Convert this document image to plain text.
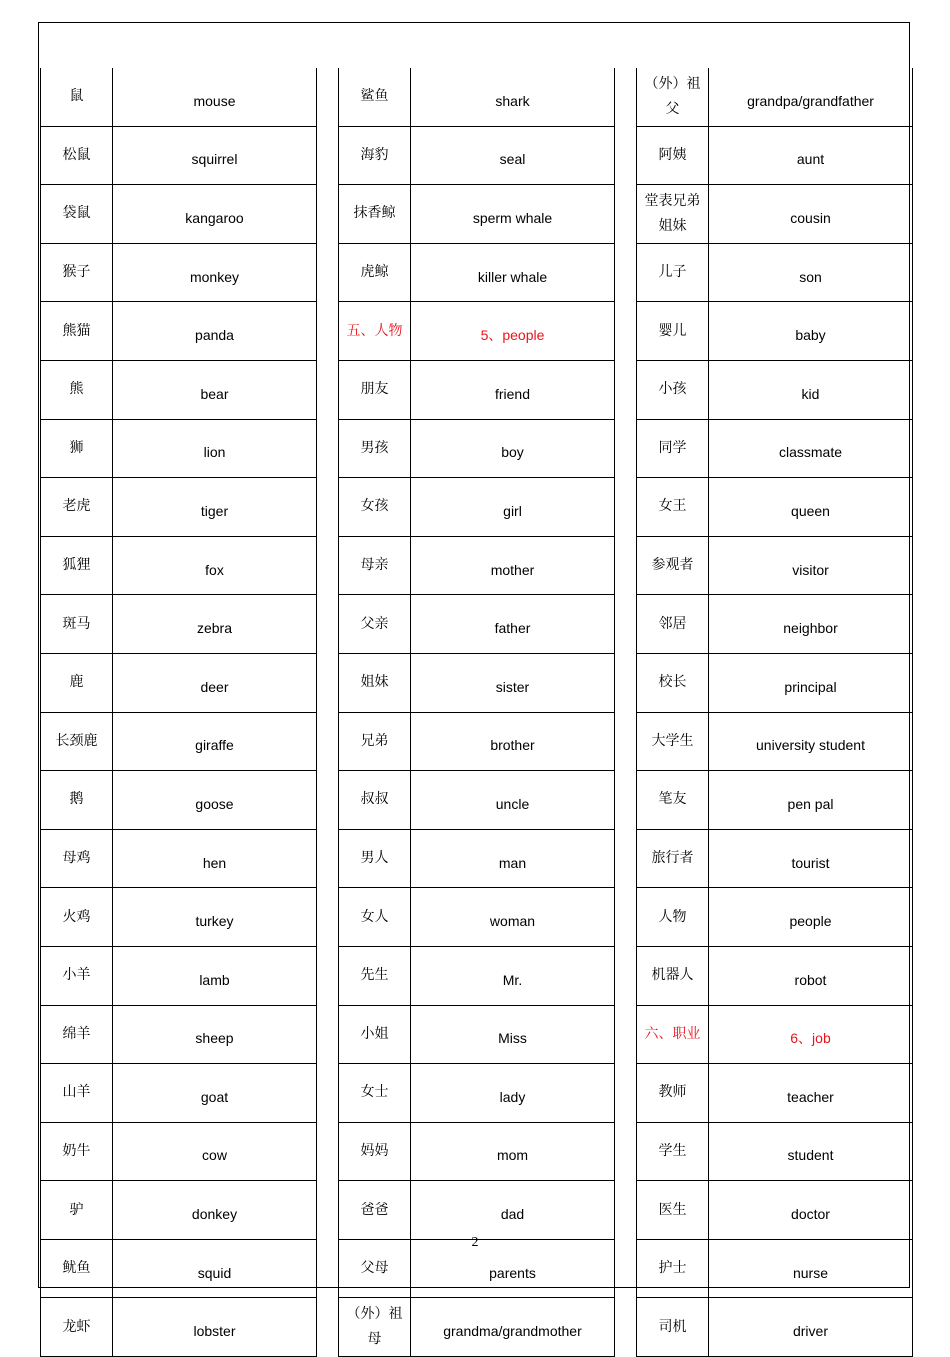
鼠	mouse
松鼠	squirrel
袋鼠	kangaroo
猴子	monkey
熊猫	panda
熊	bear
狮	lion
老虎	tiger
狐狸	fox
斑马	zebra
鹿	deer
长颈鹿	giraffe
鹅	goose
母鸡	hen
火鸡	turkey
小羊	lamb
绵羊	sheep
山羊	goat
奶牛	cow
驴	donkey
鱿鱼	squid
龙虾	lobster
鲨鱼	shark
海豹	seal
抹香鲸	sperm whale
虎鲸	killer whale
五、人物	5、people
朋友	friend
男孩	boy
女孩	girl
母亲	mother
父亲	father
姐妹	sister
兄弟	brother
叔叔	uncle
男人	man
女人	woman
先生	Mr.
小姐	Miss
女士	lady
妈妈	mom
爸爸	dad
父母	parents
（外）祖母	grandma/grandmother
（外）祖父	grandpa/grandfather
阿姨	aunt
堂表兄弟姐妹	cousin
儿子	son
婴儿	baby
小孩	kid
同学	classmate
女王	queen
参观者	visitor
邻居	neighbor
校长	principal
大学生	university student
笔友	pen pal
旅行者	tourist
人物	people
机器人	robot
六、职业	6、job
教师	teacher
学生	student
医生	doctor
护士	nurse
司机	driver
2
